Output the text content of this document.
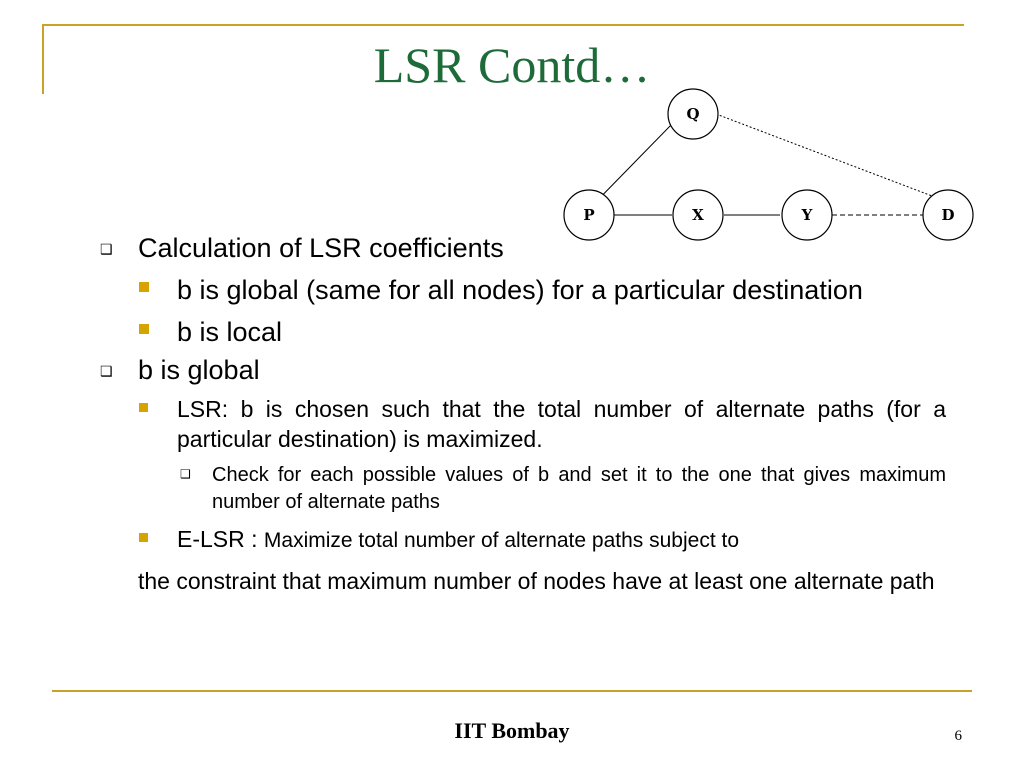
LSR Contd…
Q
P	X	Y	D
❑ Calculation of LSR coefficients
b is global (same for all nodes) for a particular destination
b is local
❑ b is global
LSR: b is chosen such that the total number of alternate paths (for a particular destination) is maximized.
❑ Check for each possible values of b and set it to the one that gives maximum number of alternate paths
E-LSR : Maximize total number of alternate paths subject to
the constraint that maximum number of nodes have at least one alternate path
IIT Bombay	6
